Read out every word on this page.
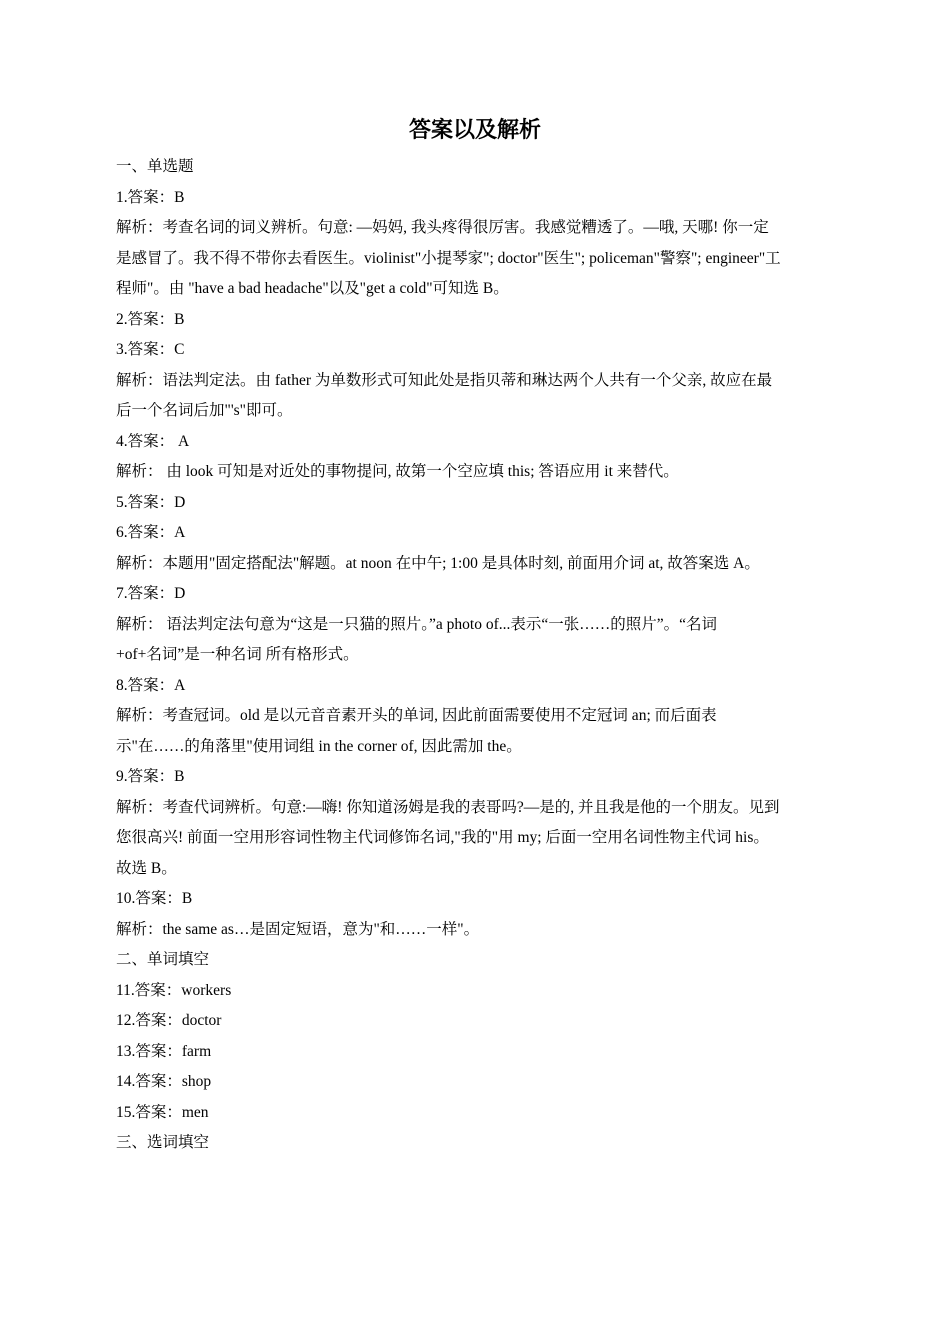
答案以及解析
一、单选题
1.答案：B
解析：考查名词的词义辨析。句意: —妈妈, 我头疼得很厉害。我感觉糟透了。—哦, 天哪! 你一定
是感冒了。我不得不带你去看医生。violinist"小提琴家"; doctor"医生"; policeman"警察"; engineer"工
程师"。由 "have a bad headache"以及"get a cold"可知选 B。
2.答案：B
3.答案：C
解析：语法判定法。由 father 为单数形式可知此处是指贝蒂和琳达两个人共有一个父亲, 故应在最
后一个名词后加"'s"即可。
4.答案： A
解析： 由 look 可知是对近处的事物提问, 故第一个空应填 this; 答语应用 it 来替代。
5.答案：D
6.答案：A
解析：本题用"固定搭配法"解题。at noon 在中午; 1:00 是具体时刻, 前面用介词 at, 故答案选 A。
7.答案：D
解析： 语法判定法句意为“这是一只猫的照片。”a photo of...表示“一张……的照片”。“名词
+of+名词”是一种名词 所有格形式。
8.答案：A
解析：考查冠词。old 是以元音音素开头的单词, 因此前面需要使用不定冠词 an; 而后面表
示"在……的角落里"使用词组 in the corner of, 因此需加 the。
9.答案：B
解析：考查代词辨析。句意:—嗨! 你知道汤姆是我的表哥吗?—是的, 并且我是他的一个朋友。见到
您很高兴! 前面一空用形容词性物主代词修饰名词,"我的"用 my; 后面一空用名词性物主代词 his。
故选 B。
10.答案：B
解析：the same as…是固定短语，意为"和……一样"。
二、单词填空
11.答案：workers
12.答案：doctor
13.答案：farm
14.答案：shop
15.答案：men
三、选词填空
